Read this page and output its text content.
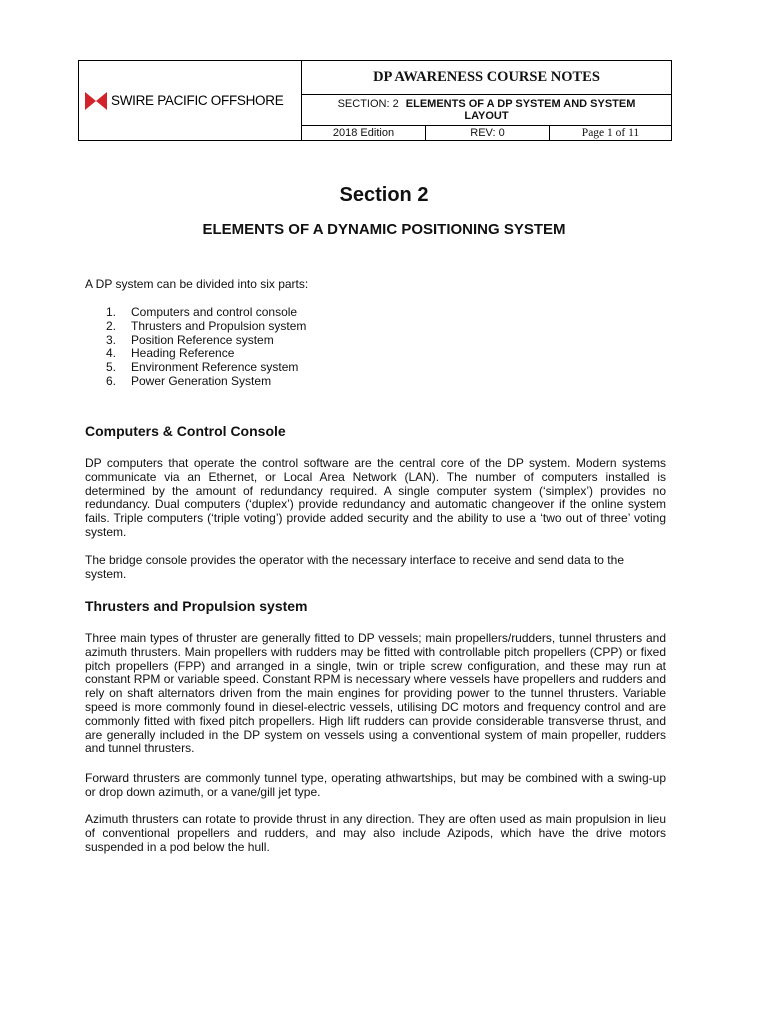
SWIRE PACIFIC OFFSHORE
DP AWARENESS COURSE NOTES
SECTION: 2 ELEMENTS OF A DP SYSTEM AND SYSTEM LAYOUT
2018 Edition	REV: 0	Page 1 of 11
Section 2
ELEMENTS OF A DYNAMIC POSITIONING SYSTEM

A DP system can be divided into six parts:

1.	Computers and control console
2.	Thrusters and Propulsion system
3.	Position Reference system
4.	Heading Reference
5.	Environment Reference system
6.	Power Generation System
Computers & Control Console

DP computers that operate the control software are the central core of the DP system. Modern systems communicate via an Ethernet, or Local Area Network (LAN). The number of computers installed is determined by the amount of redundancy required. A single computer system (‘simplex’) provides no redundancy. Dual computers (‘duplex’) provide redundancy and automatic changeover if the online system fails. Triple computers (‘triple voting’) provide added security and the ability to use a ‘two out of three’ voting system.

The bridge console provides the operator with the necessary interface to receive and send data to the system.

Thrusters and Propulsion system

Three main types of thruster are generally fitted to DP vessels; main propellers/rudders, tunnel thrusters and azimuth thrusters. Main propellers with rudders may be fitted with controllable pitch propellers (CPP) or fixed pitch propellers (FPP) and arranged in a single, twin or triple screw configuration, and these may run at constant RPM or variable speed. Constant RPM is necessary where vessels have propellers and rudders and rely on shaft alternators driven from the main engines for providing power to the tunnel thrusters. Variable speed is more commonly found in diesel-electric vessels, utilising DC motors and frequency control and are commonly fitted with fixed pitch propellers. High lift rudders can provide considerable transverse thrust, and are generally included in the DP system on vessels using a conventional system of main propeller, rudders and tunnel thrusters.

Forward thrusters are commonly tunnel type, operating athwartships, but may be combined with a swing-up or drop down azimuth, or a vane/gill jet type.

Azimuth thrusters can rotate to provide thrust in any direction. They are often used as main propulsion in lieu of conventional propellers and rudders, and may also include Azipods, which have the drive motors suspended in a pod below the hull.
